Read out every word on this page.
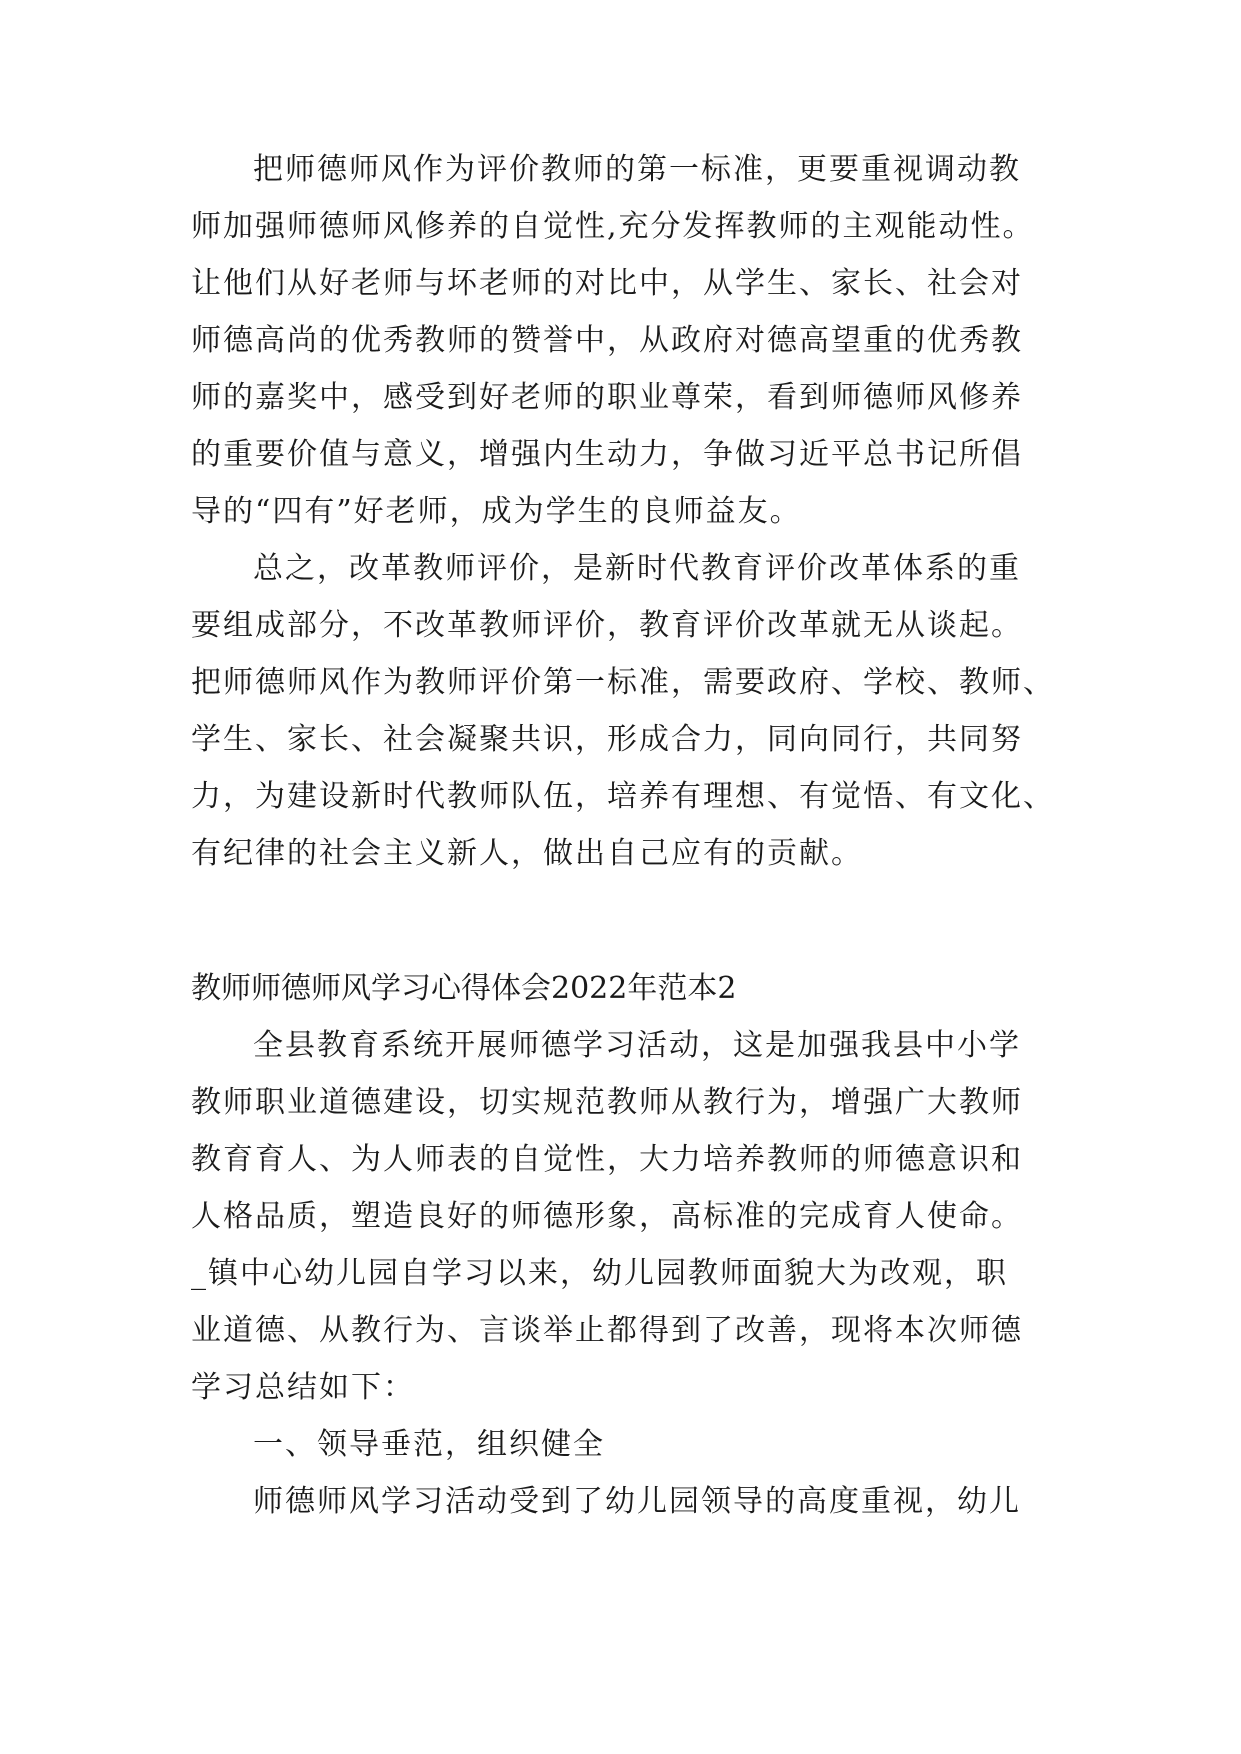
把师德师风作为评价教师的第一标准，更要重视调动教
师加强师德师风修养的自觉性,充分发挥教师的主观能动性。
让他们从好老师与坏老师的对比中，从学生、家长、社会对
师德高尚的优秀教师的赞誉中，从政府对德高望重的优秀教
师的嘉奖中，感受到好老师的职业尊荣，看到师德师风修养
的重要价值与意义，增强内生动力，争做习近平总书记所倡
导的“四有”好老师，成为学生的良师益友。
总之，改革教师评价，是新时代教育评价改革体系的重
要组成部分，不改革教师评价，教育评价改革就无从谈起。
把师德师风作为教师评价第一标准，需要政府、学校、教师、
学生、家长、社会凝聚共识，形成合力，同向同行，共同努
力，为建设新时代教师队伍，培养有理想、有觉悟、有文化、
有纪律的社会主义新人，做出自己应有的贡献。
教师师德师风学习心得体会2022年范本2
全县教育系统开展师德学习活动，这是加强我县中小学
教师职业道德建设，切实规范教师从教行为，增强广大教师
教育育人、为人师表的自觉性，大力培养教师的师德意识和
人格品质，塑造良好的师德形象，高标准的完成育人使命。
_镇中心幼儿园自学习以来，幼儿园教师面貌大为改观，职
业道德、从教行为、言谈举止都得到了改善，现将本次师德
学习总结如下：
一、领导垂范，组织健全
师德师风学习活动受到了幼儿园领导的高度重视，幼儿
